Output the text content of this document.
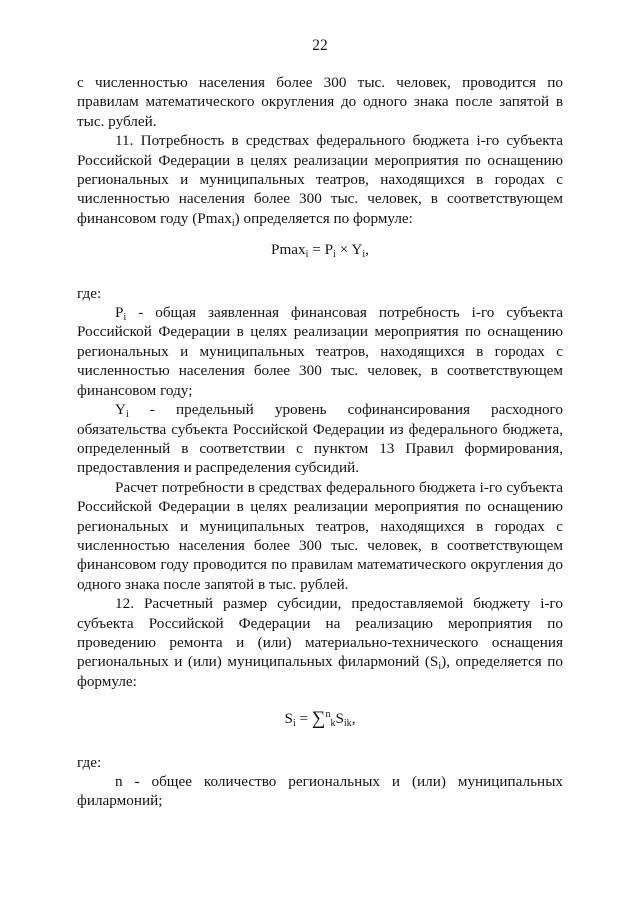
22

с численностью населения более 300 тыс. человек, проводится по правилам математического округления до одного знака после запятой в тыс. рублей.

11. Потребность в средствах федерального бюджета i-го субъекта Российской Федерации в целях реализации мероприятия по оснащению региональных и муниципальных театров, находящихся в городах с численностью населения более 300 тыс. человек, в соответствующем финансовом году (Pmax$_i$) определяется по формуле:

$Pmax_i = P_i \times Y_i$,

где:

$P_i$ - общая заявленная финансовая потребность i-го субъекта Российской Федерации в целях реализации мероприятия по оснащению региональных и муниципальных театров, находящихся в городах с численностью населения более 300 тыс. человек, в соответствующем финансовом году;

$Y_i$ - предельный уровень софинансирования расходного обязательства субъекта Российской Федерации из федерального бюджета, определенный в соответствии с пунктом 13 Правил формирования, предоставления и распределения субсидий.

Расчет потребности в средствах федерального бюджета i-го субъекта Российской Федерации в целях реализации мероприятия по оснащению региональных и муниципальных театров, находящихся в городах с численностью населения более 300 тыс. человек, в соответствующем финансовом году проводится по правилам математического округления до одного знака после запятой в тыс. рублей.

12. Расчетный размер субсидии, предоставляемой бюджету i-го субъекта Российской Федерации на реализацию мероприятия по проведению ремонта и (или) материально-технического оснащения региональных и (или) муниципальных филармоний $(S_i)$, определяется по формуле:

$S_i = \sum^n_kS_{ik}$,

где:

n - общее количество региональных и (или) муниципальных филармоний;
